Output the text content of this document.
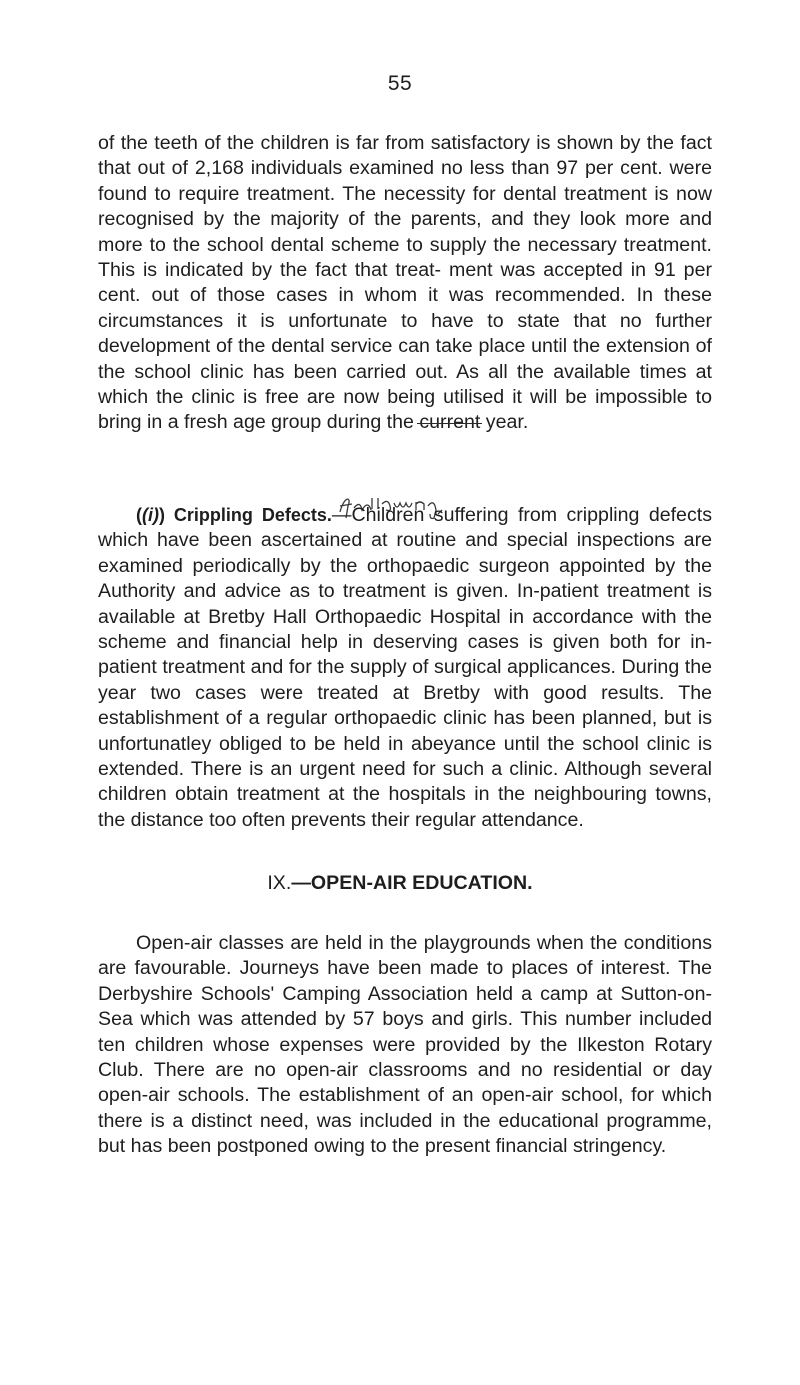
55

of the teeth of the children is far from satisfactory is shown by the fact that out of 2,168 individuals examined no less than 97 per cent. were found to require treatment. The necessity for dental treatment is now recognised by the majority of the parents, and they look more and more to the school dental scheme to supply the necessary treatment. This is indicated by the fact that treat- ment was accepted in 91 per cent. out of those cases in whom it was recommended. In these circumstances it is unfortunate to have to state that no further development of the dental service can take place until the extension of the school clinic has been carried out. As all the available times at which the clinic is free are now being utilised it will be impossible to bring in a fresh age group during the current year.

((i)) Crippling Defects.—Children suffering from crippling defects which have been ascertained at routine and special inspections are examined periodically by the orthopaedic surgeon appointed by the Authority and advice as to treatment is given. In-patient treatment is available at Bretby Hall Orthopaedic Hospital in accordance with the scheme and financial help in deserving cases is given both for in-patient treatment and for the supply of surgical applicances. During the year two cases were treated at Bretby with good results. The establishment of a regular orthopaedic clinic has been planned, but is unfortunatley obliged to be held in abeyance until the school clinic is extended. There is an urgent need for such a clinic. Although several children obtain treatment at the hospitals in the neighbouring towns, the distance too often prevents their regular attendance.

IX.—OPEN-AIR EDUCATION.

Open-air classes are held in the playgrounds when the conditions are favourable. Journeys have been made to places of interest. The Derbyshire Schools' Camping Association held a camp at Sutton-on-Sea which was attended by 57 boys and girls. This number included ten children whose expenses were provided by the Ilkeston Rotary Club. There are no open-air classrooms and no residential or day open-air schools. The establishment of an open-air school, for which there is a distinct need, was included in the educational programme, but has been postponed owing to the present financial stringency.
